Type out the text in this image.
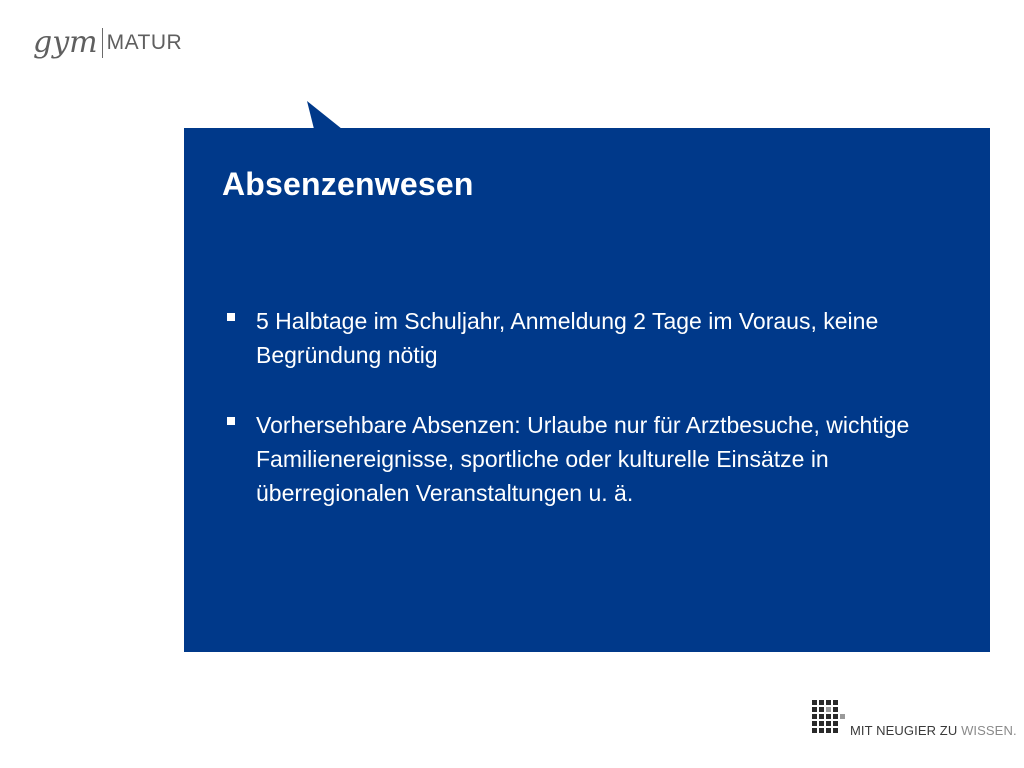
gym MATUR
Absenzenwesen
5 Halbtage im Schuljahr, Anmeldung 2 Tage im Voraus, keine Begründung nötig
Vorhersehbare Absenzen: Urlaube nur für Arztbesuche, wichtige Familienereignisse, sportliche oder kulturelle Einsätze in überregionalen Veranstaltungen u. ä.
MIT NEUGIER ZU WISSEN.
